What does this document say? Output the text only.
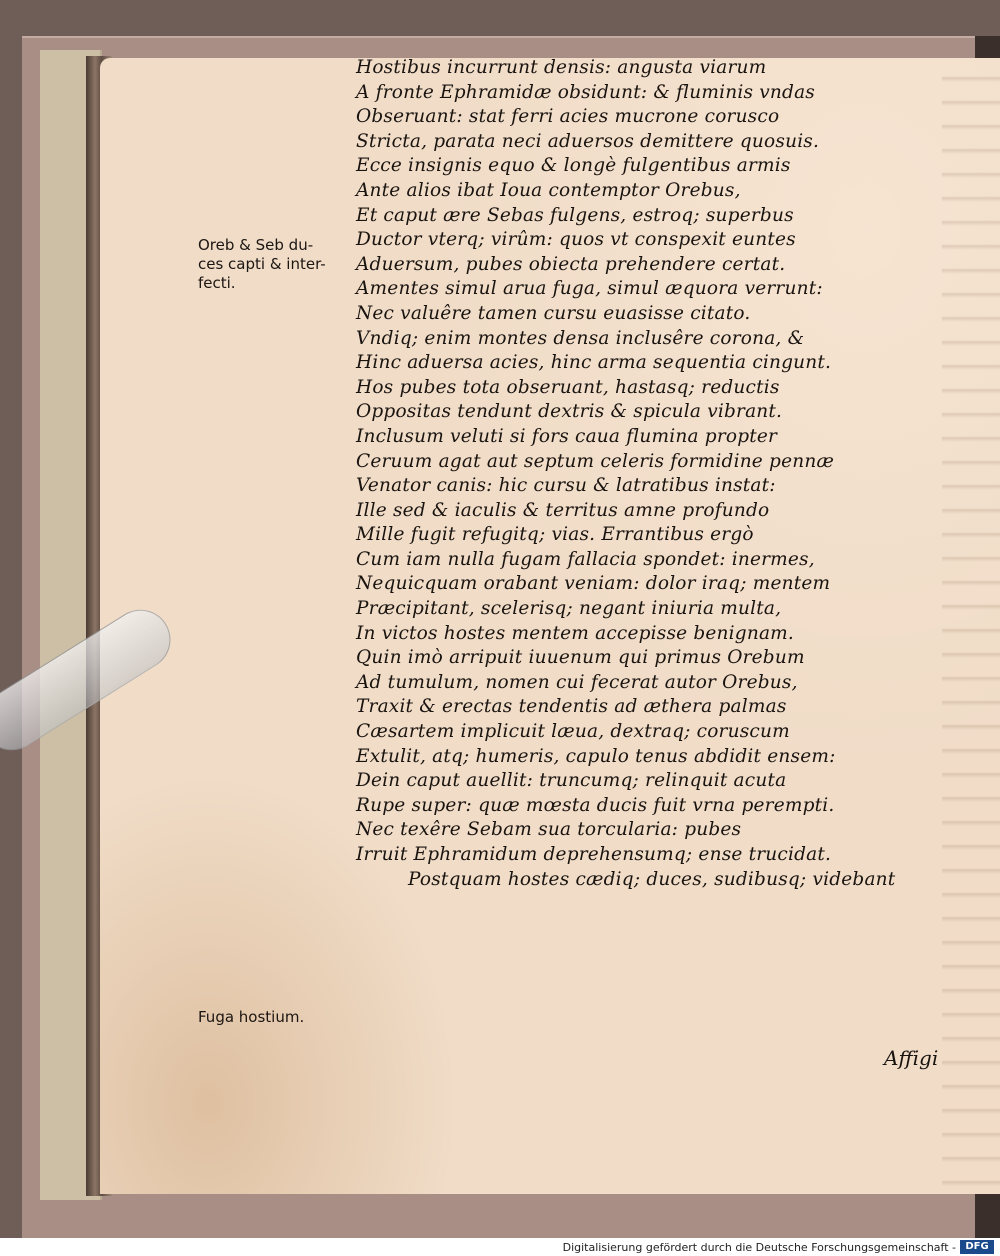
Oreb & Seb du-
ces capti & inter-
fecti.
Fuga hostium.
Hostibus incurrunt densis: angusta viarum
A fronte Ephramidæ obsidunt: & fluminis vndas
Obseruant: stat ferri acies mucrone corusco
Stricta, parata neci aduersos demittere quosuis.
Ecce insignis equo & longè fulgentibus armis
Ante alios ibat Ioua contemptor Orebus,
Et caput ære Sebas fulgens, estroq; superbus
Ductor vterq; virûm: quos vt conspexit euntes
Aduersum, pubes obiecta prehendere certat.
Amentes simul arua fuga, simul æquora verrunt:
Nec valuêre tamen cursu euasisse citato.
Vndiq; enim montes densa inclusêre corona, &
Hinc aduersa acies, hinc arma sequentia cingunt.
Hos pubes tota obseruant, hastasq; reductis
Oppositas tendunt dextris & spicula vibrant.
Inclusum veluti si fors caua flumina propter
Ceruum agat aut septum celeris formidine pennæ
Venator canis: hic cursu & latratibus instat:
Ille sed & iaculis & territus amne profundo
Mille fugit refugitq; vias. Errantibus ergò
Cum iam nulla fugam fallacia spondet: inermes,
Nequicquam orabant veniam: dolor iraq; mentem
Præcipitant, scelerisq; negant iniuria multa,
In victos hostes mentem accepisse benignam.
Quin imò arripuit iuuenum qui primus Orebum
Ad tumulum, nomen cui fecerat autor Orebus,
Traxit & erectas tendentis ad æthera palmas
Cæsartem implicuit læua, dextraq; coruscum
Extulit, atq; humeris, capulo tenus abdidit ensem:
Dein caput auellit: truncumq; relinquit acuta
Rupe super: quæ mœsta ducis fuit vrna perempti.
Nec texêre Sebam sua torcularia: pubes
Irruit Ephramidum deprehensumq; ense trucidat.
Postquam hostes cædiq; duces, sudibusq; videbant
Affigi
Digitalisierung gefördert durch die Deutsche Forschungsgemeinschaft - DFG
